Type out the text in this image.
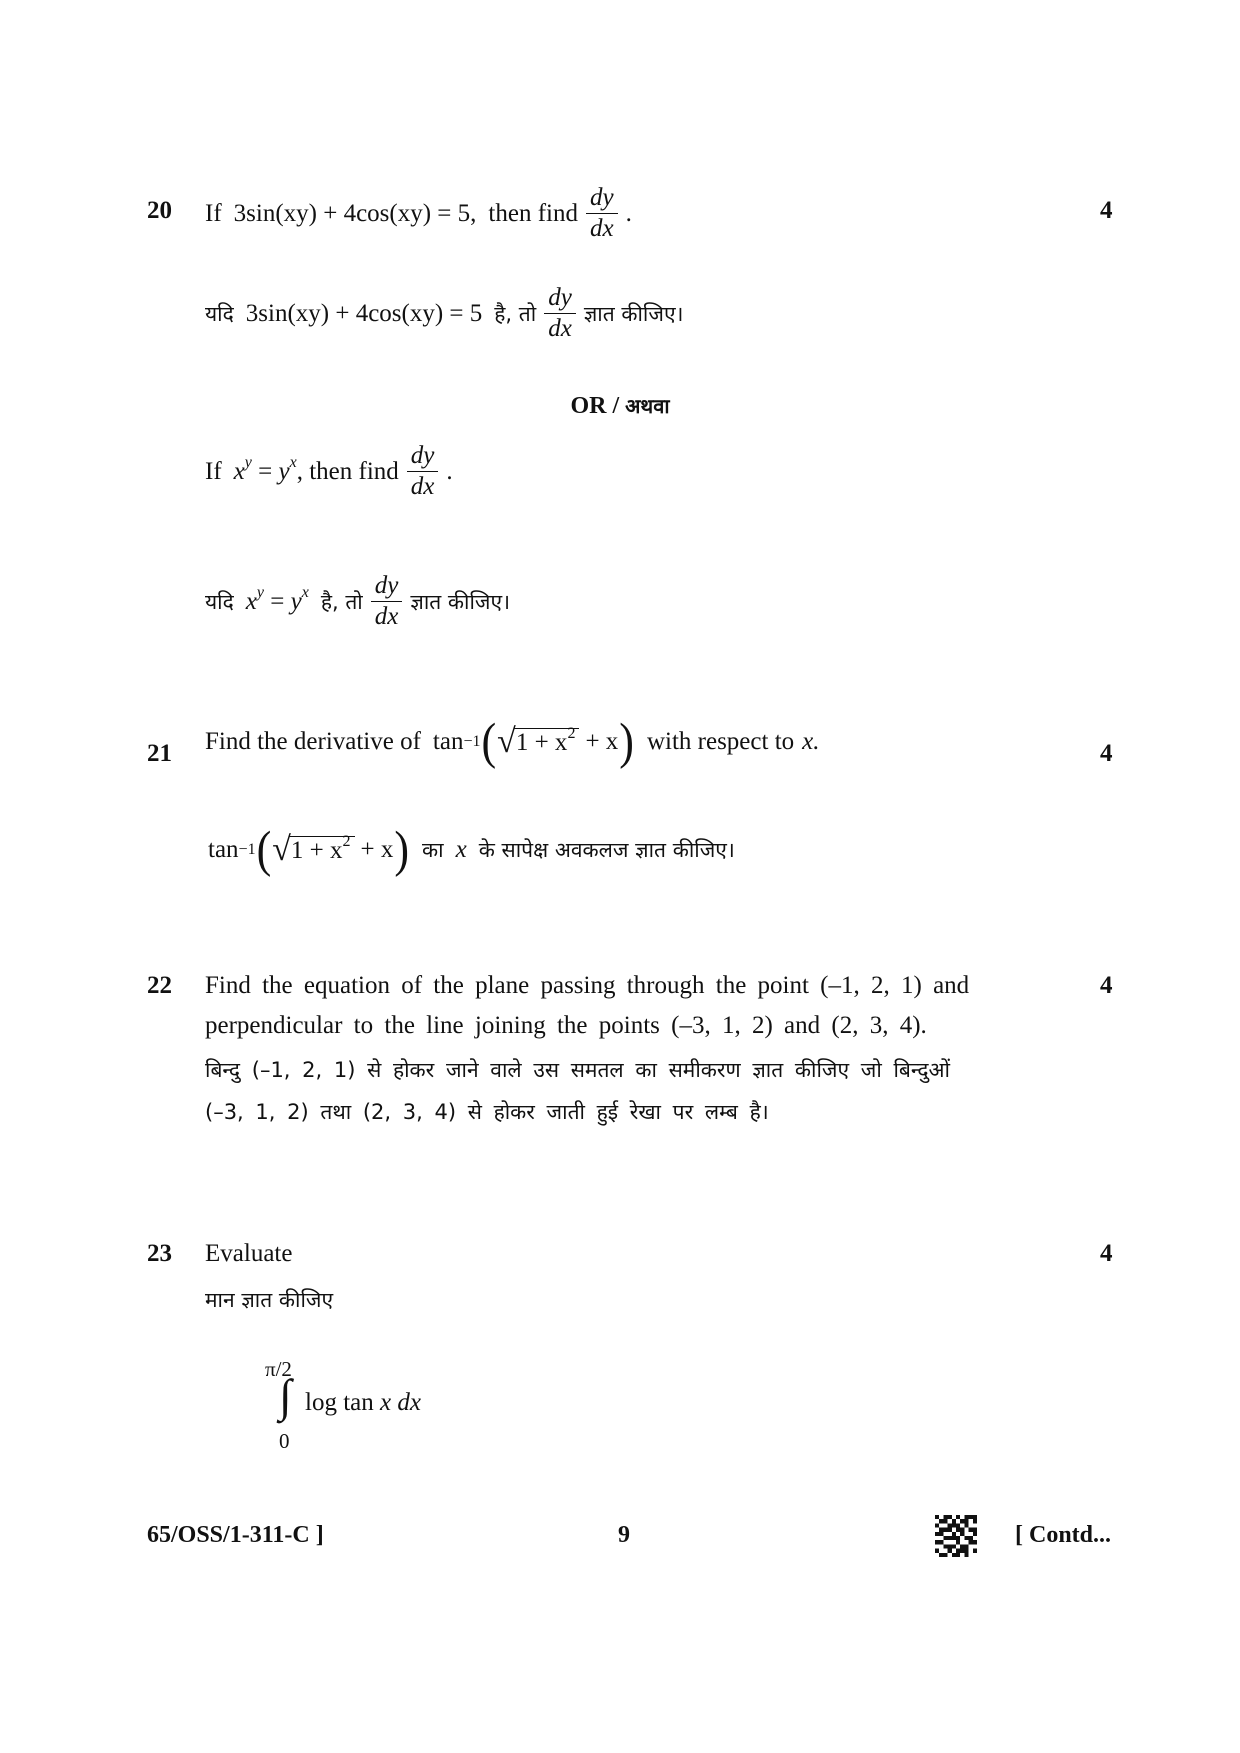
20	4
If 3sin(xy) + 4cos(xy) = 5, then find $\frac{dy}{dx}$ .
यदि 3sin(xy) + 4cos(xy) = 5 है, तो $\frac{dy}{dx}$ ज्ञात कीजिए।
OR / अथवा
If $x^y = y^x$ , then find $\frac{dy}{dx}$ .
यदि $x^y = y^x$ है, तो $\frac{dy}{dx}$ ज्ञात कीजिए।
21	4
Find the derivative of tan −1 ( √ $1 + x^2 + x$ ) with respect to x.
tan −1 ( √ $1 + x^2 + x$ ) का x के सापेक्ष अवकलज ज्ञात कीजिए।
22	4
Find the equation of the plane passing through the point (–1, 2, 1) and
perpendicular to the line joining the points (–3, 1, 2) and (2, 3, 4).
बिन्दु (–1, 2, 1) से होकर जाने वाले उस समतल का समीकरण ज्ञात कीजिए जो बिन्दुओं
(–3, 1, 2) तथा (2, 3, 4) से होकर जाती हुई रेखा पर लम्ब है।
23	4
Evaluate
मान ज्ञात कीजिए
π/2
∫
0
log tan x dx
65/OSS/1-311-C ]	9	[ Contd...
